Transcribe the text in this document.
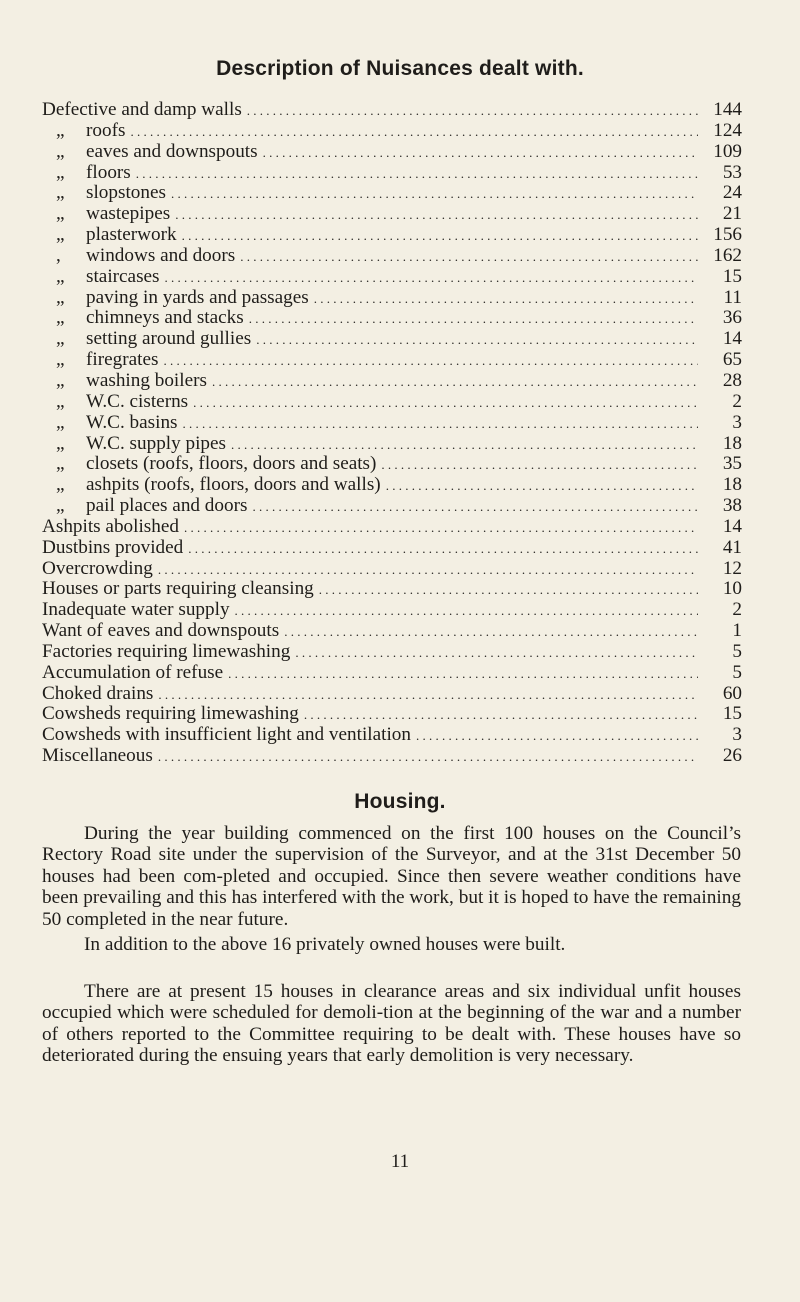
Description of Nuisances dealt with.
Defective and damp walls . . .	144
„	roofs . . .	124
„	eaves and downspouts . . .	109
„	floors . . .	53
„	slopstones . . .	24
„	wastepipes . . .	21
„	plasterwork . . .	156
,	windows and doors . . .	162
„	staircases . . .	15
„	paving in yards and passages . . .	11
„	chimneys and stacks . . .	36
„	setting around gullies . . .	14
„	firegrates . . .	65
„	washing boilers . . .	28
„	W.C. cisterns . . .	2
„	W.C. basins . . .	3
„	W.C. supply pipes . . .	18
„	closets (roofs, floors, doors and seats) . . .	35
„	ashpits (roofs, floors, doors and walls) . . .	18
„	pail places and doors . . .	38
Ashpits abolished . . .	14
Dustbins provided . . .	41
Overcrowding . . .	12
Houses or parts requiring cleansing . . .	10
Inadequate water supply . . .	2
Want of eaves and downspouts . . .	1
Factories requiring limewashing . . .	5
Accumulation of refuse . . .	5
Choked drains . . .	60
Cowsheds requiring limewashing . . .	15
Cowsheds with insufficient light and ventilation . . .	3
Miscellaneous . . .	26
Housing.

During the year building commenced on the first 100 houses on the Council’s Rectory Road site under the supervision of the Surveyor, and at the 31st December 50 houses had been com-pleted and occupied. Since then severe weather conditions have been prevailing and this has interfered with the work, but it is hoped to have the remaining 50 completed in the near future.

In addition to the above 16 privately owned houses were built.

There are at present 15 houses in clearance areas and six individual unfit houses occupied which were scheduled for demoli-tion at the beginning of the war and a number of others reported to the Committee requiring to be dealt with. These houses have so deteriorated during the ensuing years that early demolition is very necessary.

11
